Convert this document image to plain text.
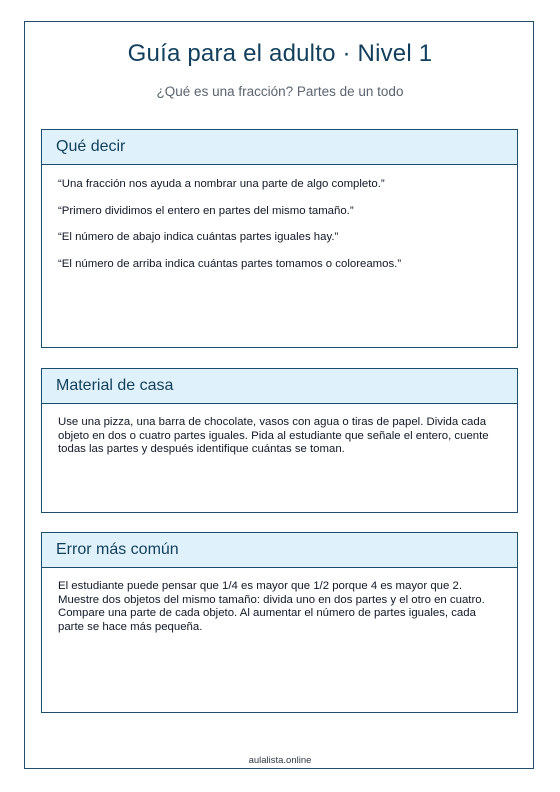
Guía para el adulto · Nivel 1
¿Qué es una fracción? Partes de un todo
Qué decir

“Una fracción nos ayuda a nombrar una parte de algo completo.”

“Primero dividimos el entero en partes del mismo tamaño.”

“El número de abajo indica cuántas partes iguales hay.”

“El número de arriba indica cuántas partes tomamos o coloreamos.”

Material de casa

Use una pizza, una barra de chocolate, vasos con agua o tiras de papel. Divida cada objeto en dos o cuatro partes iguales. Pida al estudiante que señale el entero, cuente todas las partes y después identifique cuántas se toman.

Error más común

El estudiante puede pensar que 1/4 es mayor que 1/2 porque 4 es mayor que 2. Muestre dos objetos del mismo tamaño: divida uno en dos partes y el otro en cuatro. Compare una parte de cada objeto. Al aumentar el número de partes iguales, cada parte se hace más pequeña.

aulalista.online
